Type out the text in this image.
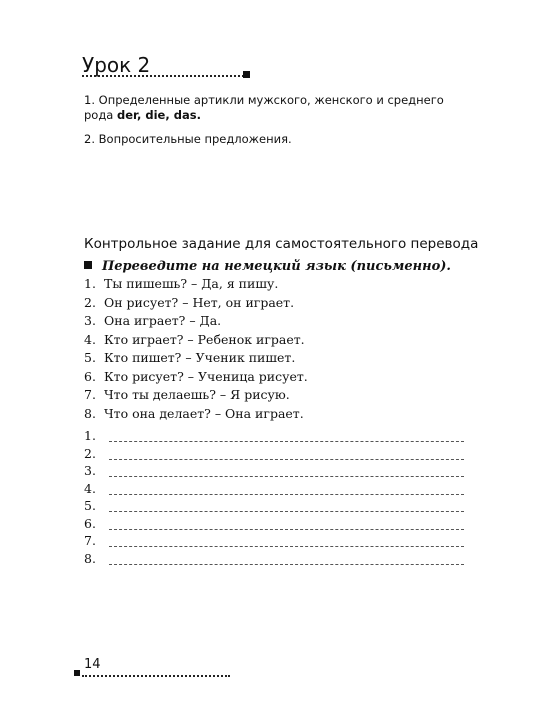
Урок 2
1. Определенные артикли мужского, женского и среднего рода der, die, das.
2. Вопросительные предложения.
Контрольное задание для самостоятельного перевода
Переведите на немецкий язык (письменно).
1. Ты пишешь? – Да, я пишу.
2. Он рисует? – Нет, он играет.
3. Она играет? – Да.
4. Кто играет? – Ребенок играет.
5. Кто пишет? – Ученик пишет.
6. Кто рисует? – Ученица рисует.
7. Что ты делаешь? – Я рисую.
8. Что она делает? – Она играет.
1.
2.
3.
4.
5.
6.
7.
8.
14
